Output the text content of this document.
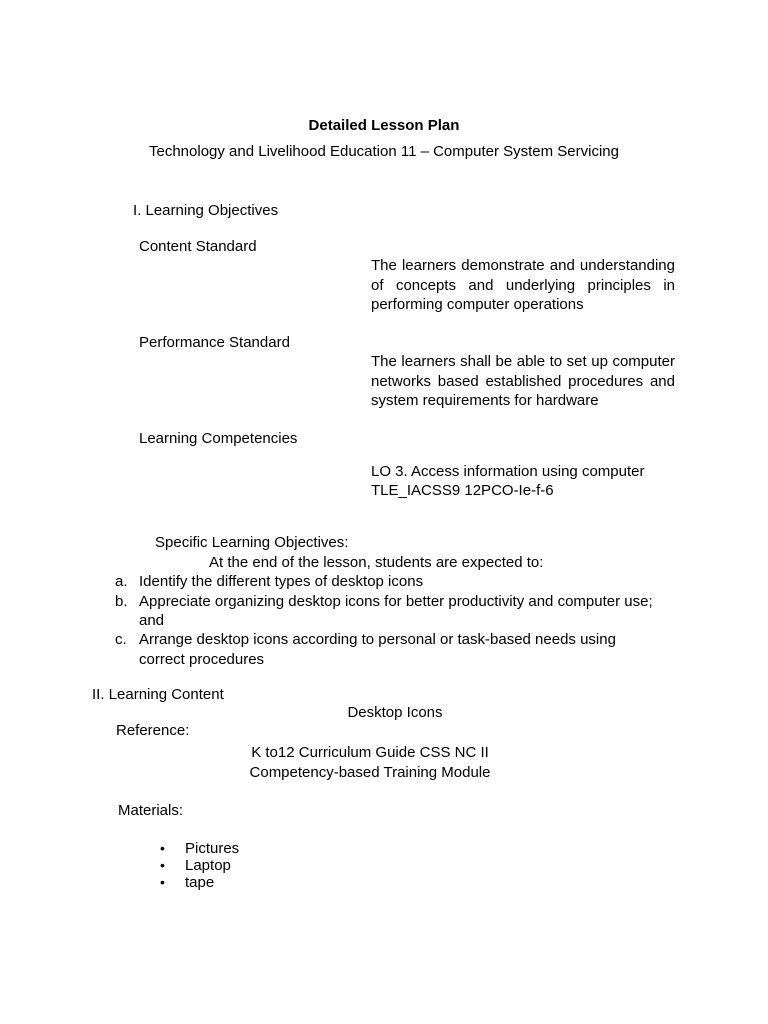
Detailed Lesson Plan
Technology and Livelihood Education 11 – Computer System Servicing
I. Learning Objectives
Content Standard
The learners demonstrate and understanding of concepts and underlying principles in performing computer operations
Performance Standard
The learners shall be able to set up computer networks based established procedures and system requirements for hardware
Learning Competencies
LO 3. Access information using computer
TLE_IACSS9 12PCO-Ie-f-6
Specific Learning Objectives:
At the end of the lesson, students are expected to:
a. Identify the different types of desktop icons
b. Appreciate organizing desktop icons for better productivity and computer use;
and
c. Arrange desktop icons according to personal or task-based needs using
correct procedures
II. Learning Content
Desktop Icons
Reference:
K to12 Curriculum Guide CSS NC II
Competency-based Training Module
Materials:
• Pictures
• Laptop
• tape
